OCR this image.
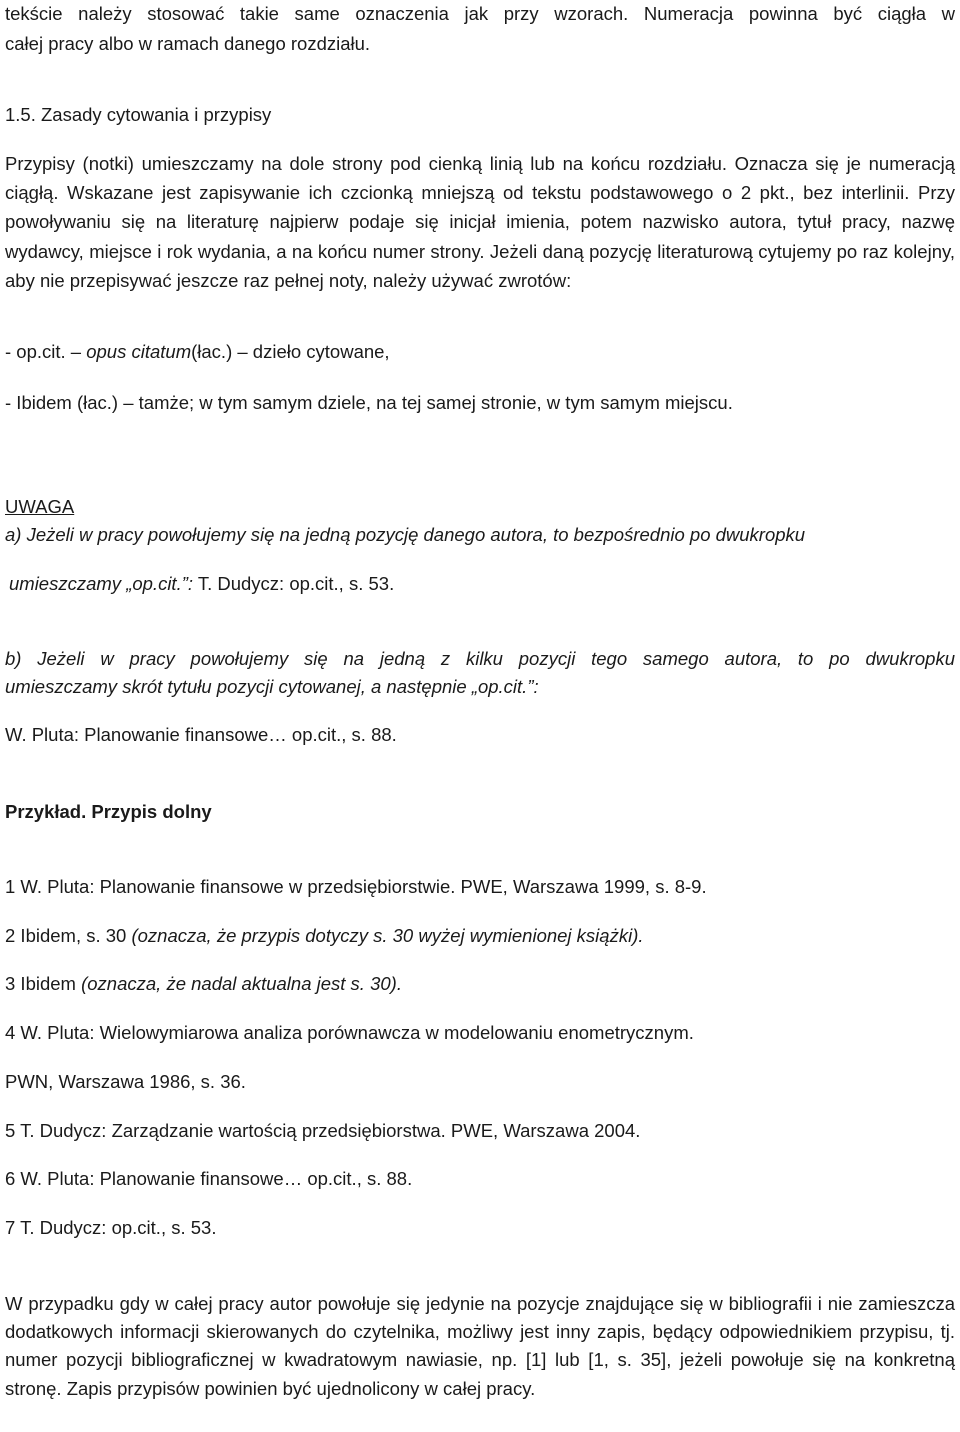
tekście należy stosować takie same oznaczenia jak przy wzorach. Numeracja powinna być ciągła w

całej pracy albo w ramach danego rozdziału.

1.5. Zasady cytowania i przypisy

Przypisy (notki) umieszczamy na dole strony pod cienką linią lub na końcu rozdziału. Oznacza się je numeracją ciągłą. Wskazane jest zapisywanie ich czcionką mniejszą od tekstu podstawowego o 2 pkt., bez interlinii. Przy powoływaniu się na literaturę najpierw podaje się inicjał imienia, potem nazwisko autora, tytuł pracy, nazwę wydawcy, miejsce i rok wydania, a na końcu numer strony. Jeżeli daną pozycję literaturową cytujemy po raz kolejny, aby nie przepisywać jeszcze raz pełnej noty, należy używać zwrotów:

- op.cit. – opus citatum(łac.) – dzieło cytowane,

- Ibidem (łac.) – tamże; w tym samym dziele, na tej samej stronie, w tym samym miejscu.

UWAGA

a) Jeżeli w pracy powołujemy się na jedną pozycję danego autora, to bezpośrednio po dwukropku

umieszczamy „op.cit.”: T. Dudycz: op.cit., s. 53.

b) Jeżeli w pracy powołujemy się na jedną z kilku pozycji tego samego autora, to po dwukropku

umieszczamy skrót tytułu pozycji cytowanej, a następnie „op.cit.”:

W. Pluta: Planowanie finansowe… op.cit., s. 88.

Przykład. Przypis dolny

1 W. Pluta: Planowanie finansowe w przedsiębiorstwie. PWE, Warszawa 1999, s. 8-9.

2 Ibidem, s. 30 (oznacza, że przypis dotyczy s. 30 wyżej wymienionej książki).

3 Ibidem (oznacza, że nadal aktualna jest s. 30).

4 W. Pluta: Wielowymiarowa analiza porównawcza w modelowaniu enometrycznym.

PWN, Warszawa 1986, s. 36.

5 T. Dudycz: Zarządzanie wartością przedsiębiorstwa. PWE, Warszawa 2004.

6 W. Pluta: Planowanie finansowe… op.cit., s. 88.

7 T. Dudycz: op.cit., s. 53.

W przypadku gdy w całej pracy autor powołuje się jedynie na pozycje znajdujące się w bibliografii i nie zamieszcza dodatkowych informacji skierowanych do czytelnika, możliwy jest inny zapis, będący odpowiednikiem przypisu, tj. numer pozycji bibliograficznej w kwadratowym nawiasie, np. [1] lub [1, s. 35], jeżeli powołuje się na konkretną stronę. Zapis przypisów powinien być ujednolicony w całej pracy.
